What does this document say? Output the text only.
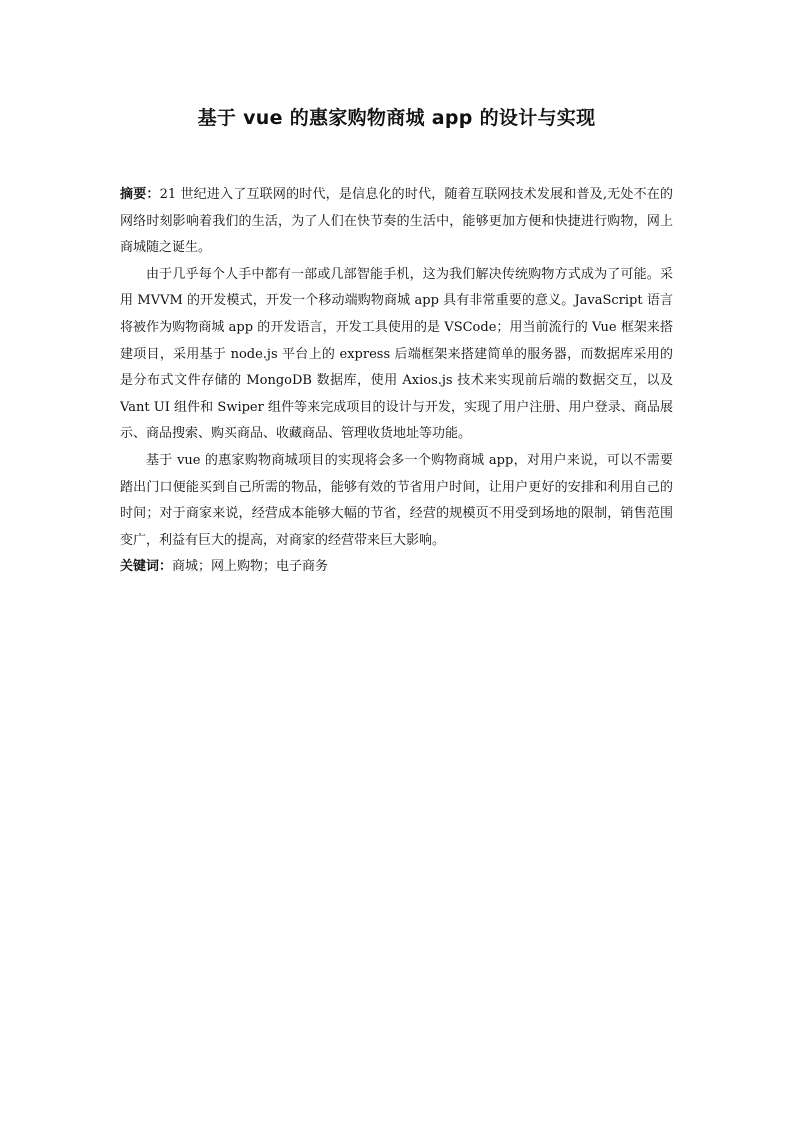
基于 vue 的惠家购物商城 app 的设计与实现

摘要：21 世纪进入了互联网的时代，是信息化的时代，随着互联网技术发展和普及,无处不在的网络时刻影响着我们的生活，为了人们在快节奏的生活中，能够更加方便和快捷进行购物，网上商城随之诞生。

由于几乎每个人手中都有一部或几部智能手机，这为我们解决传统购物方式成为了可能。采用 MVVM 的开发模式，开发一个移动端购物商城 app 具有非常重要的意义。JavaScript 语言将被作为购物商城 app 的开发语言，开发工具使用的是 VSCode；用当前流行的 Vue 框架来搭建项目，采用基于 node.js 平台上的 express 后端框架来搭建简单的服务器，而数据库采用的是分布式文件存储的 MongoDB 数据库，使用 Axios.js 技术来实现前后端的数据交互，以及 Vant UI 组件和 Swiper 组件等来完成项目的设计与开发，实现了用户注册、用户登录、商品展示、商品搜索、购买商品、收藏商品、管理收货地址等功能。

基于 vue 的惠家购物商城项目的实现将会多一个购物商城 app，对用户来说，可以不需要踏出门口便能买到自己所需的物品，能够有效的节省用户时间，让用户更好的安排和利用自己的时间；对于商家来说，经营成本能够大幅的节省，经营的规模页不用受到场地的限制，销售范围变广，利益有巨大的提高，对商家的经营带来巨大影响。

关键词：商城；网上购物；电子商务
